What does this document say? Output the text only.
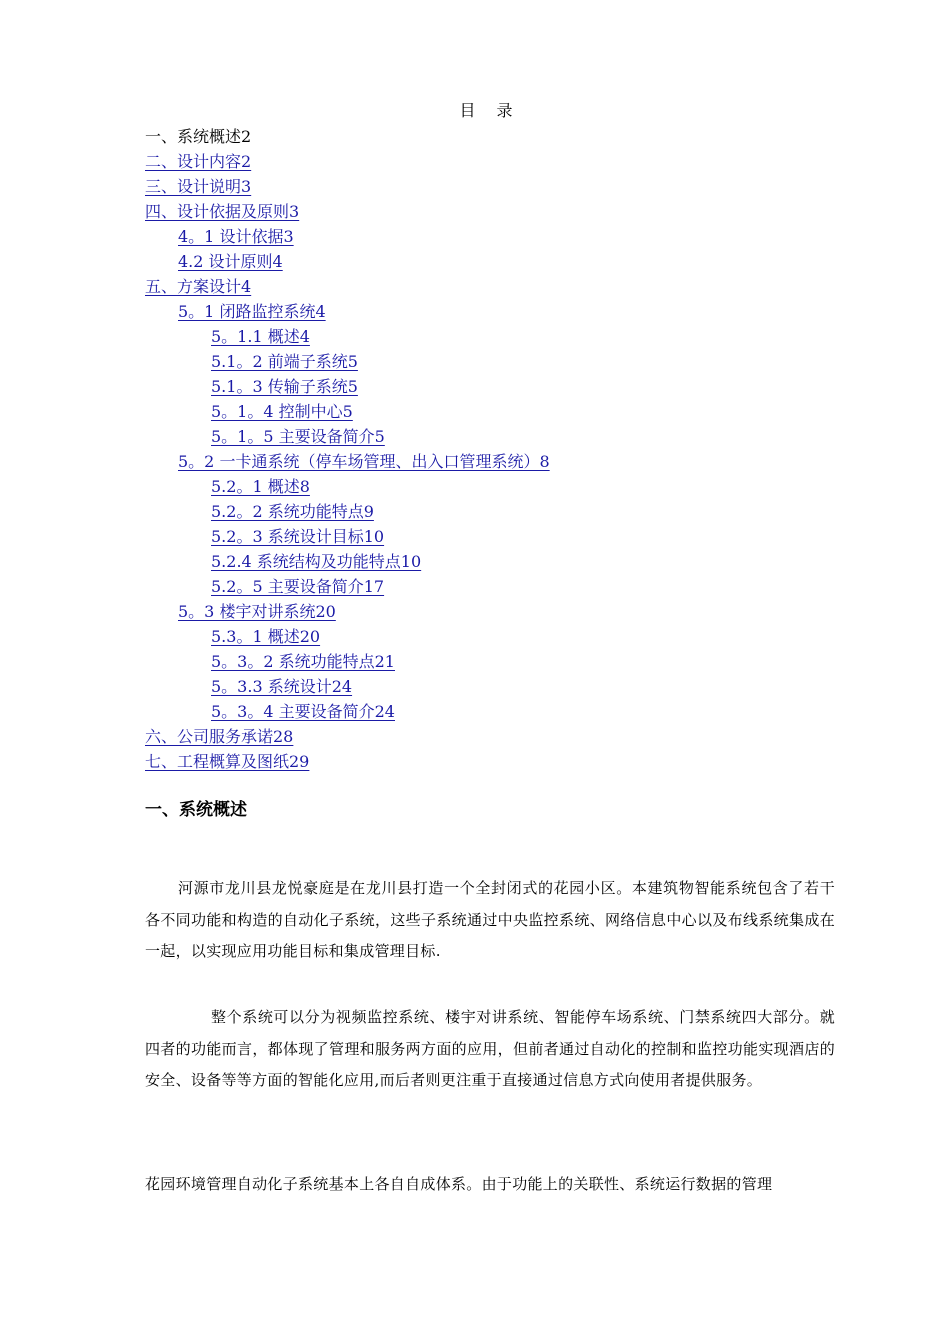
目 录
一、系统概述2
二、设计内容2
三、设计说明3
四、设计依据及原则3
4。1 设计依据3
4.2 设计原则4
五、方案设计4
5。1 闭路监控系统4
5。1.1 概述4
5.1。2 前端子系统5
5.1。3 传输子系统5
5。1。4 控制中心5
5。1。5 主要设备简介5
5。2 一卡通系统（停车场管理、出入口管理系统）8
5.2。1 概述8
5.2。2 系统功能特点9
5.2。3 系统设计目标10
5.2.4 系统结构及功能特点10
5.2。5 主要设备简介17
5。3 楼宇对讲系统20
5.3。1 概述20
5。3。2 系统功能特点21
5。3.3 系统设计24
5。3。4 主要设备简介24
六、公司服务承诺28
七、工程概算及图纸29
一、系统概述

河源市龙川县龙悦豪庭是在龙川县打造一个全封闭式的花园小区。本建筑物智能系统包含了若干各不同功能和构造的自动化子系统，这些子系统通过中央监控系统、网络信息中心以及布线系统集成在一起，以实现应用功能目标和集成管理目标.

整个系统可以分为视频监控系统、楼宇对讲系统、智能停车场系统、门禁系统四大部分。就四者的功能而言，都体现了管理和服务两方面的应用，但前者通过自动化的控制和监控功能实现酒店的安全、设备等等方面的智能化应用,而后者则更注重于直接通过信息方式向使用者提供服务。

花园环境管理自动化子系统基本上各自自成体系。由于功能上的关联性、系统运行数据的管理
